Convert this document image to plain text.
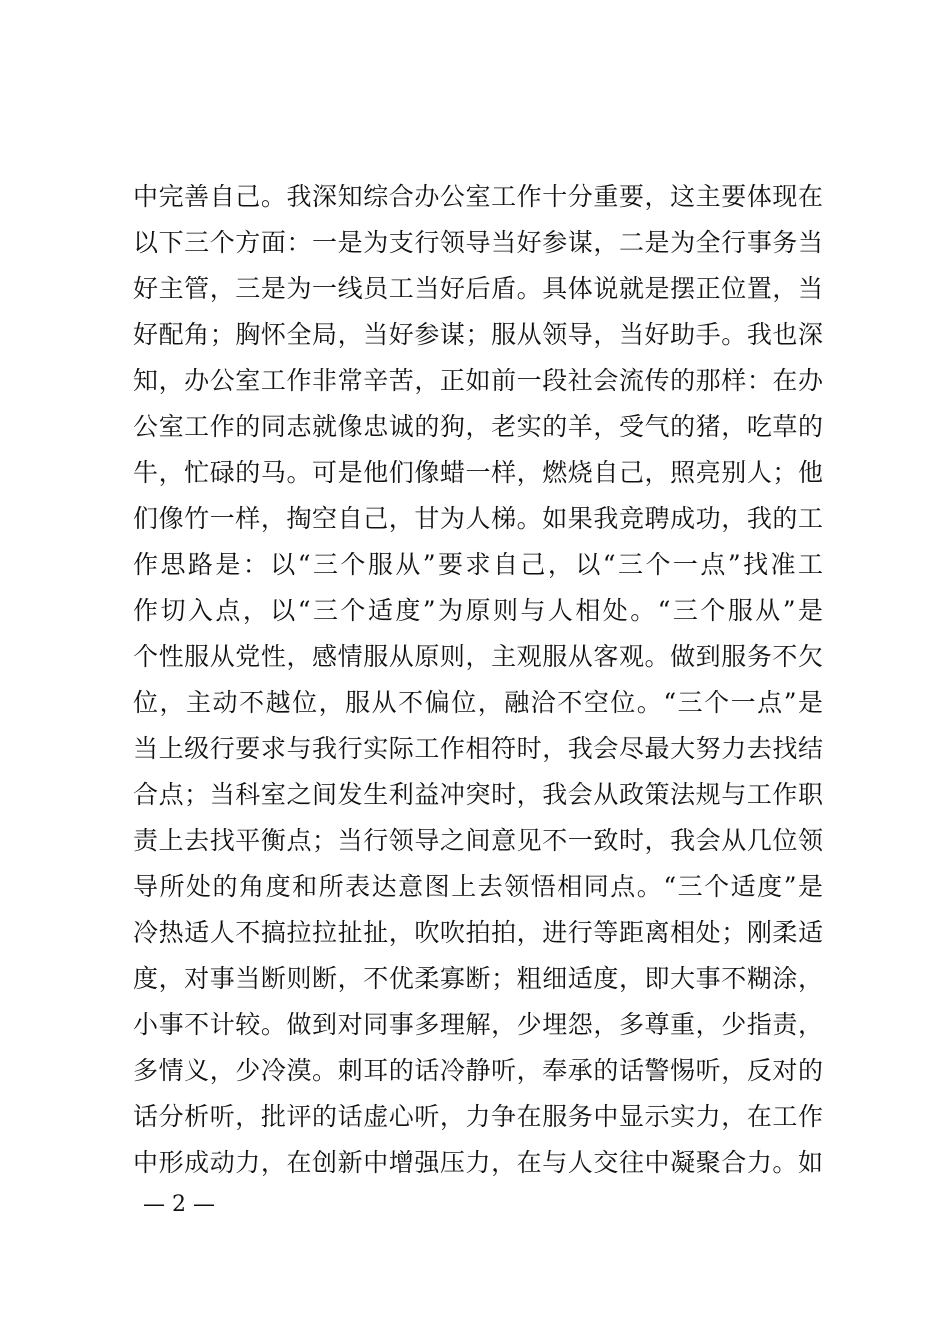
中完善自己。我深知综合办公室工作十分重要，这主要体现在
以下三个方面：一是为支行领导当好参谋，二是为全行事务当
好主管，三是为一线员工当好后盾。具体说就是摆正位置，当
好配角；胸怀全局，当好参谋；服从领导，当好助手。我也深
知，办公室工作非常辛苦，正如前一段社会流传的那样：在办
公室工作的同志就像忠诚的狗，老实的羊，受气的猪，吃草的
牛，忙碌的马。可是他们像蜡一样，燃烧自己，照亮别人；他
们像竹一样，掏空自己，甘为人梯。如果我竞聘成功，我的工
作思路是：以“三个服从”要求自己，以“三个一点”找准工
作切入点，以“三个适度”为原则与人相处。“三个服从”是
个性服从党性，感情服从原则，主观服从客观。做到服务不欠
位，主动不越位，服从不偏位，融洽不空位。“三个一点”是
当上级行要求与我行实际工作相符时，我会尽最大努力去找结
合点；当科室之间发生利益冲突时，我会从政策法规与工作职
责上去找平衡点；当行领导之间意见不一致时，我会从几位领
导所处的角度和所表达意图上去领悟相同点。“三个适度”是
冷热适人不搞拉拉扯扯，吹吹拍拍，进行等距离相处；刚柔适
度，对事当断则断，不优柔寡断；粗细适度，即大事不糊涂，
小事不计较。做到对同事多理解，少埋怨，多尊重，少指责，
多情义，少冷漠。刺耳的话冷静听，奉承的话警惕听，反对的
话分析听，批评的话虚心听，力争在服务中显示实力，在工作
中形成动力，在创新中增强压力，在与人交往中凝聚合力。如
— 2 —
